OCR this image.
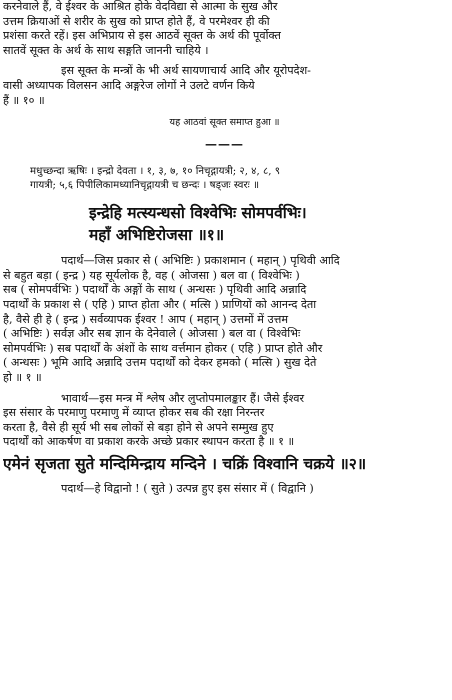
करनेवाले हैं, वे ईश्वर के आश्रित होके वेदविद्या से आत्मा के सुख और
उत्तम क्रियाओं से शरीर के सुख को प्राप्त होते हैं, वे परमेश्वर ही की
प्रशंसा करते रहें। इस अभिप्राय से इस आठवें सूक्त के अर्थ की पूर्वोक्त
सातवें सूक्त के अर्थ के साथ सङ्गति जाननी चाहिये ।
इस सूक्त के मन्त्रों के भी अर्थ सायणाचार्य आदि और यूरोपदेश-
वासी अध्यापक विलसन आदि अङ्गरेज लोगों ने उलटे वर्णन किये
हैं ॥ १० ॥
यह आठवां सूक्त समाप्त हुआ ॥
———
मधुच्छन्दा ऋषिः । इन्द्रो देवता । १, ३, ७, १० निचृद्गायत्री; २, ४, ८, ९
गायत्री; ५,६ पिपीलिकामध्यानिचृद्गायत्री च छन्दः । षड्जः स्वरः ॥
इन्द्रेहि मत्स्यन्धसो विश्वेभिः सोमपर्वभिः।
महाँ अभिष्टिरोजसा ॥१॥
पदार्थ—जिस प्रकार से ( अभिष्टिः ) प्रकाशमान ( महान् ) पृथिवी आदि
से बहुत बड़ा ( इन्द्र ) यह सूर्यलोक है, वह ( ओजसा ) बल वा ( विश्वेभिः )
सब ( सोमपर्वभिः ) पदार्थों के अङ्गों के साथ ( अन्धसः ) पृथिवी आदि अन्नादि
पदार्थों के प्रकाश से ( एहि ) प्राप्त होता और ( मत्सि ) प्राणियों को आनन्द देता
है, वैसे ही हे ( इन्द्र ) सर्वव्यापक ईश्वर ! आप ( महान् ) उत्तमों में उत्तम
( अभिष्टिः ) सर्वज्ञ और सब ज्ञान के देनेवाले ( ओजसा ) बल वा ( विश्वेभिः
सोमपर्वभिः ) सब पदार्थों के अंशों के साथ वर्त्तमान होकर ( एहि ) प्राप्त होते और
( अन्धसः ) भूमि आदि अन्नादि उत्तम पदार्थों को देकर हमको ( मत्सि ) सुख देते
हो ॥ १ ॥
भावार्थ—इस मन्त्र में श्लेष और लुप्तोपमालङ्कार हैं। जैसे ईश्वर
इस संसार के परमाणु परमाणु में व्याप्त होकर सब की रक्षा निरन्तर
करता है, वैसे ही सूर्य भी सब लोकों से बड़ा होने से अपने सम्मुख हुए
पदार्थों को आकर्षण वा प्रकाश करके अच्छे प्रकार स्थापन करता है ॥ १ ॥
एमेनं सृजता सुते मन्दिमिन्द्राय मन्दिने । चक्रिं विश्वानि चक्रये ॥२॥
पदार्थ—हे विद्वानो ! ( सुते ) उत्पन्न हुए इस संसार में ( विद्वानि )
